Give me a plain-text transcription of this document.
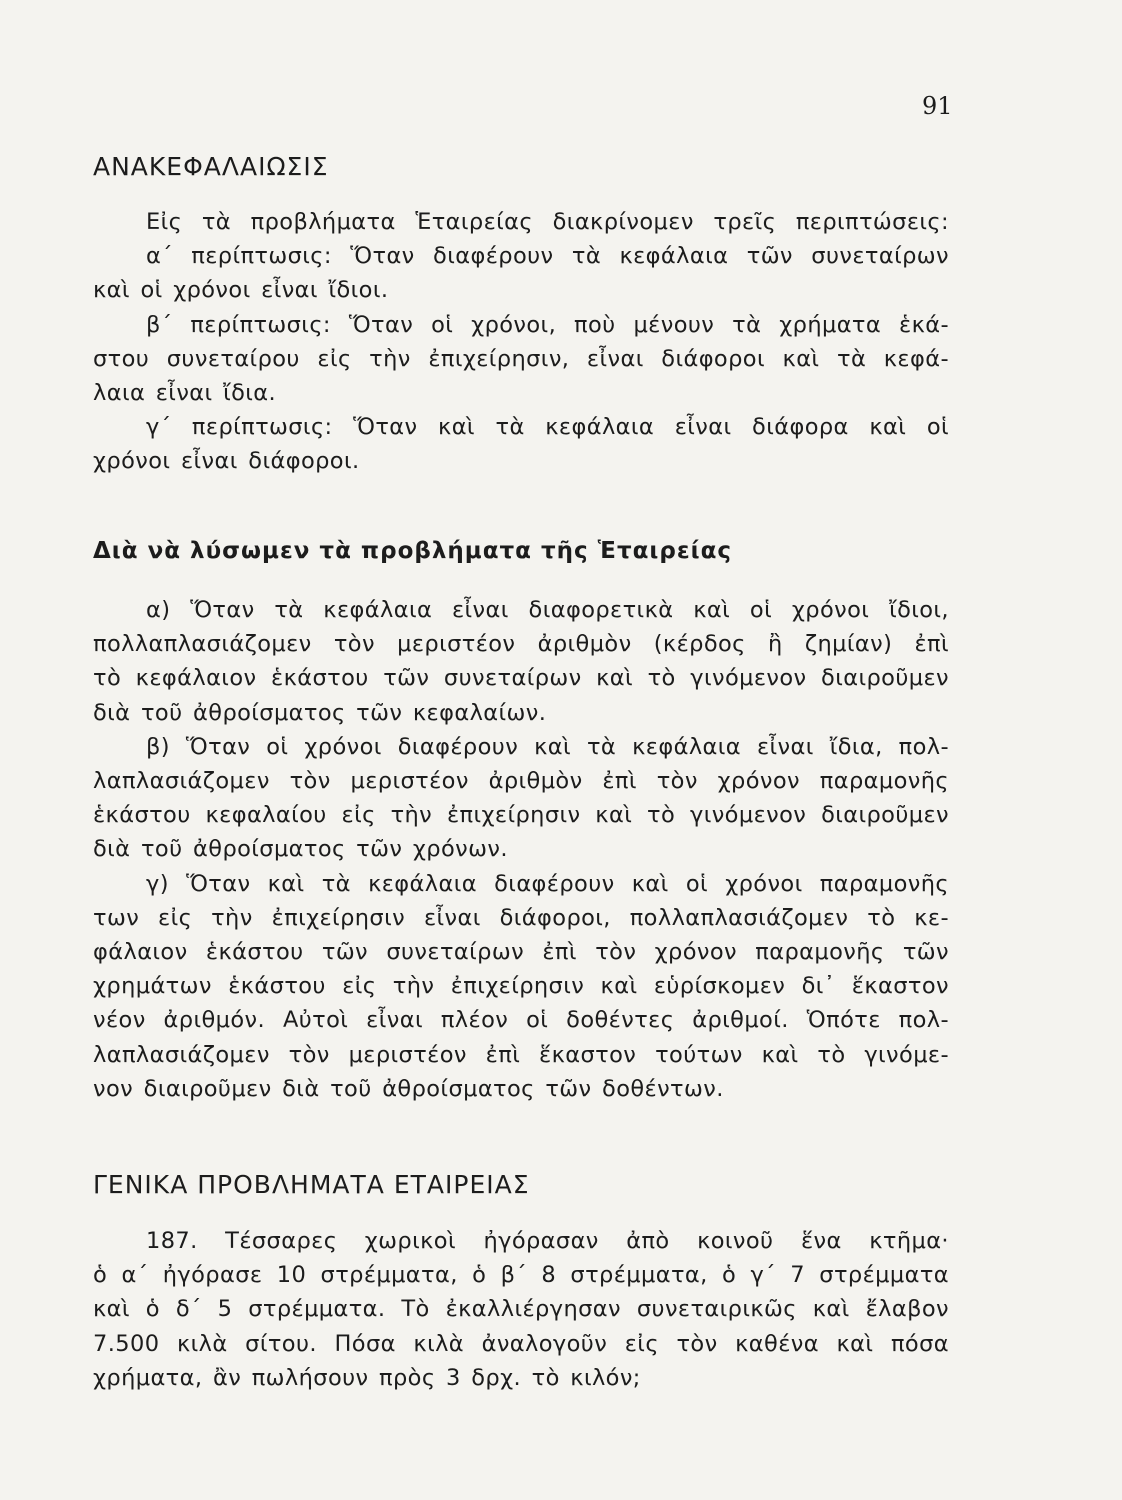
91
ΑΝΑΚΕΦΑΛΑΙΩΣΙΣ
Εἰς τὰ προβλήματα Ἑταιρείας διακρίνομεν τρεῖς περιπτώσεις:
α΄ περίπτωσις: Ὅταν διαφέρουν τὰ κεφάλαια τῶν συνεταίρων
καὶ οἱ χρόνοι εἶναι ἴδιοι.
β΄ περίπτωσις: Ὅταν οἱ χρόνοι, ποὺ μένουν τὰ χρήματα ἑκά-
στου συνεταίρου εἰς τὴν ἐπιχείρησιν, εἶναι διάφοροι καὶ τὰ κεφά-
λαια εἶναι ἴδια.
γ΄ περίπτωσις: Ὅταν καὶ τὰ κεφάλαια εἶναι διάφορα καὶ οἱ
χρόνοι εἶναι διάφοροι.
Διὰ νὰ λύσωμεν τὰ προβλήματα τῆς Ἑταιρείας
α) Ὅταν τὰ κεφάλαια εἶναι διαφορετικὰ καὶ οἱ χρόνοι ἴδιοι,
πολλαπλασιάζομεν τὸν μεριστέον ἀριθμὸν (κέρδος ἢ ζημίαν) ἐπὶ
τὸ κεφάλαιον ἑκάστου τῶν συνεταίρων καὶ τὸ γινόμενον διαιροῦμεν
διὰ τοῦ ἀθροίσματος τῶν κεφαλαίων.
β) Ὅταν οἱ χρόνοι διαφέρουν καὶ τὰ κεφάλαια εἶναι ἴδια, πολ-
λαπλασιάζομεν τὸν μεριστέον ἀριθμὸν ἐπὶ τὸν χρόνον παραμονῆς
ἑκάστου κεφαλαίου εἰς τὴν ἐπιχείρησιν καὶ τὸ γινόμενον διαιροῦμεν
διὰ τοῦ ἀθροίσματος τῶν χρόνων.
γ) Ὅταν καὶ τὰ κεφάλαια διαφέρουν καὶ οἱ χρόνοι παραμονῆς
των εἰς τὴν ἐπιχείρησιν εἶναι διάφοροι, πολλαπλασιάζομεν τὸ κε-
φάλαιον ἑκάστου τῶν συνεταίρων ἐπὶ τὸν χρόνον παραμονῆς τῶν
χρημάτων ἑκάστου εἰς τὴν ἐπιχείρησιν καὶ εὑρίσκομεν δι᾽ ἕκαστον
νέον ἀριθμόν. Αὐτοὶ εἶναι πλέον οἱ δοθέντες ἀριθμοί. Ὁπότε πολ-
λαπλασιάζομεν τὸν μεριστέον ἐπὶ ἕκαστον τούτων καὶ τὸ γινόμε-
νον διαιροῦμεν διὰ τοῦ ἀθροίσματος τῶν δοθέντων.
ΓΕΝΙΚΑ ΠΡΟΒΛΗΜΑΤΑ ΕΤΑΙΡΕΙΑΣ
187. Τέσσαρες χωρικοὶ ἠγόρασαν ἀπὸ κοινοῦ ἕνα κτῆμα·
ὁ α΄ ἠγόρασε 10 στρέμματα, ὁ β΄ 8 στρέμματα, ὁ γ΄ 7 στρέμματα
καὶ ὁ δ΄ 5 στρέμματα. Τὸ ἐκαλλιέργησαν συνεταιρικῶς καὶ ἔλαβον
7.500 κιλὰ σίτου. Πόσα κιλὰ ἀναλογοῦν εἰς τὸν καθένα καὶ πόσα
χρήματα, ἂν πωλήσουν πρὸς 3 δρχ. τὸ κιλόν;
